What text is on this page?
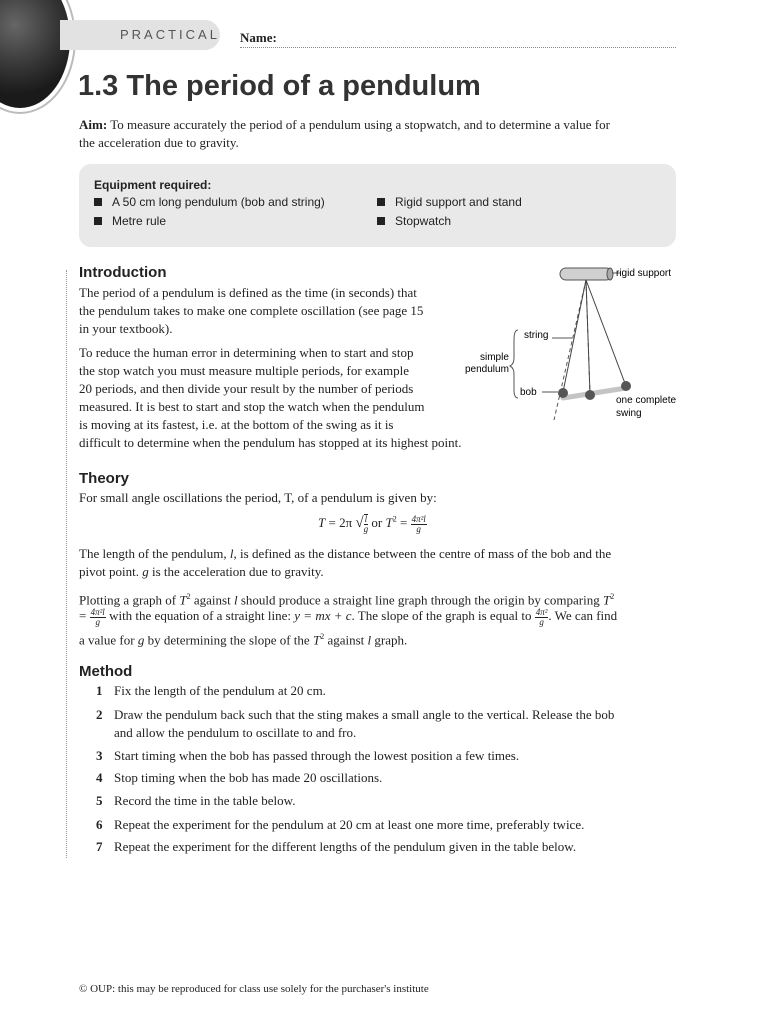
PRACTICAL Name:
1.3 The period of a pendulum
Aim: To measure accurately the period of a pendulum using a stopwatch, and to determine a value for
the acceleration due to gravity.
Equipment required:
A 50 cm long pendulum (bob and string)
Metre rule
Rigid support and stand
Stopwatch
Introduction
The period of a pendulum is defined as the time (in seconds) that
the pendulum takes to make one complete oscillation (see page 15
in your textbook).
To reduce the human error in determining when to start and stop
the stop watch you must measure multiple periods, for example
20 periods, and then divide your result by the number of periods
measured. It is best to start and stop the watch when the pendulum
is moving at its fastest, i.e. at the bottom of the swing as it is
difficult to determine when the pendulum has stopped at its highest point.
rigid support
string
simple
pendulum
bob
one complete
swing
Theory
For small angle oscillations the period, T, of a pendulum is given by:
T = 2π √ $\frac{l}{g}$ or $T^2 = \frac{\text{4π²l}}{g}$
The length of the pendulum, l, is defined as the distance between the centre of mass of the bob and the
pivot point. g is the acceleration due to gravity.
Plotting a graph of $T^2$ against l should produce a straight line graph through the origin by comparing $T^2$
= $\frac{\text{4π²l}}{g}$ with the equation of a straight line: y = mx + c. The slope of the graph is equal to $\frac{\text{4π²}}{g}$ . We can find
a value for g by determining the slope of the $T^2$ against l graph.
Method
1 Fix the length of the pendulum at 20 cm.
2 Draw the pendulum back such that the sting makes a small angle to the vertical. Release the bob
and allow the pendulum to oscillate to and fro.
3 Start timing when the bob has passed through the lowest position a few times.
4 Stop timing when the bob has made 20 oscillations.
5 Record the time in the table below.
6 Repeat the experiment for the pendulum at 20 cm at least one more time, preferably twice.
7 Repeat the experiment for the different lengths of the pendulum given in the table below.
© OUP: this may be reproduced for class use solely for the purchaser's institute
